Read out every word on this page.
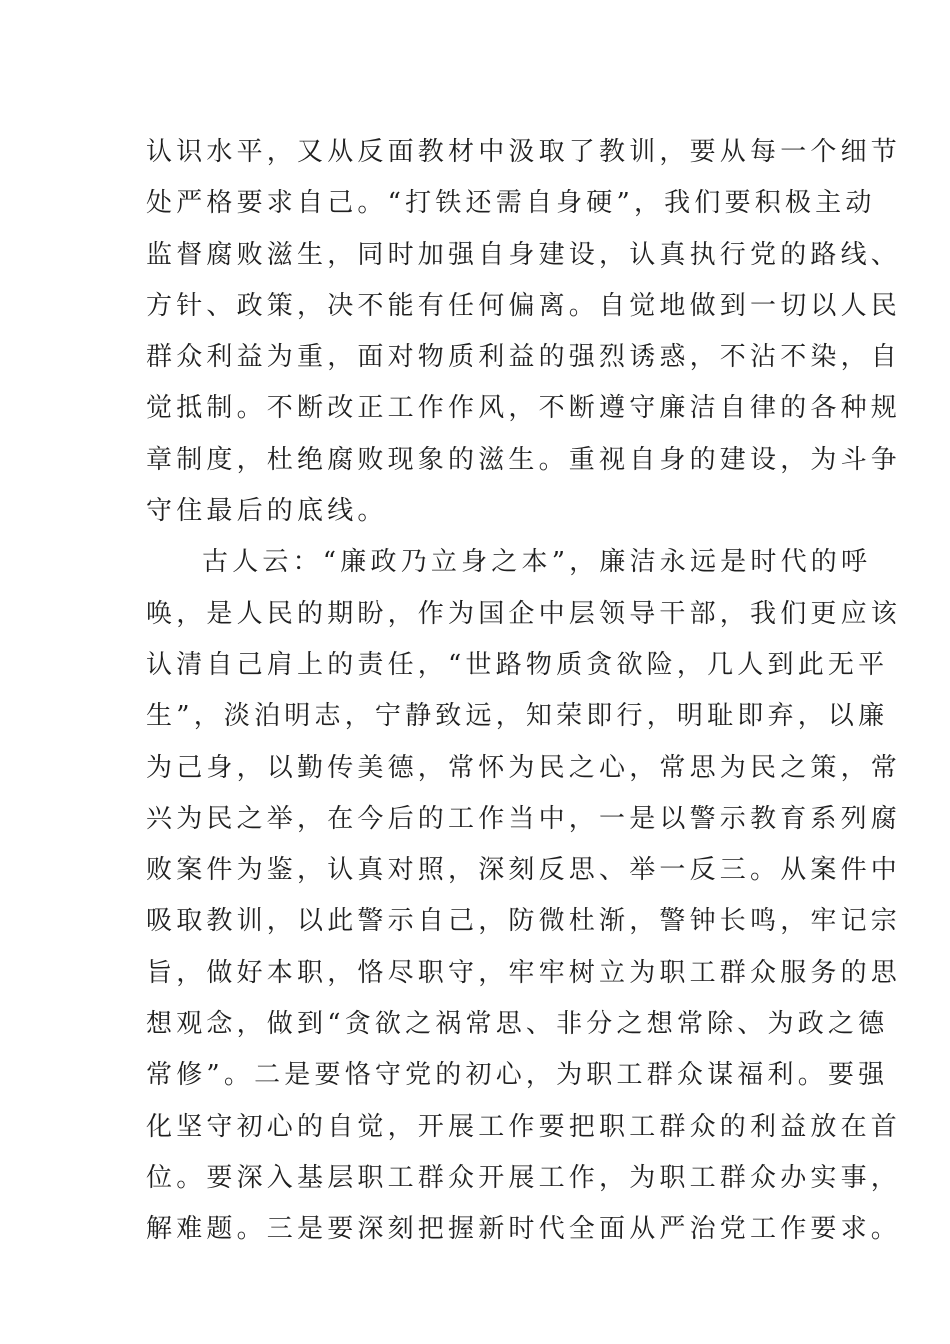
认识水平，又从反面教材中汲取了教训，要从每一个细节
处严格要求自己。“打铁还需自身硬”，我们要积极主动
监督腐败滋生，同时加强自身建设，认真执行党的路线、
方针、政策，决不能有任何偏离。自觉地做到一切以人民
群众利益为重，面对物质利益的强烈诱惑，不沾不染，自
觉抵制。不断改正工作作风，不断遵守廉洁自律的各种规
章制度，杜绝腐败现象的滋生。重视自身的建设，为斗争
守住最后的底线。
古人云：“廉政乃立身之本”，廉洁永远是时代的呼
唤，是人民的期盼，作为国企中层领导干部，我们更应该
认清自己肩上的责任，“世路物质贪欲险，几人到此无平
生”，淡泊明志，宁静致远，知荣即行，明耻即弃，以廉
为己身，以勤传美德，常怀为民之心，常思为民之策，常
兴为民之举，在今后的工作当中，一是以警示教育系列腐
败案件为鉴，认真对照，深刻反思、举一反三。从案件中
吸取教训，以此警示自己，防微杜渐，警钟长鸣，牢记宗
旨，做好本职，恪尽职守，牢牢树立为职工群众服务的思
想观念，做到“贪欲之祸常思、非分之想常除、为政之德
常修”。二是要恪守党的初心，为职工群众谋福利。要强
化坚守初心的自觉，开展工作要把职工群众的利益放在首
位。要深入基层职工群众开展工作，为职工群众办实事，
解难题。三是要深刻把握新时代全面从严治党工作要求。
